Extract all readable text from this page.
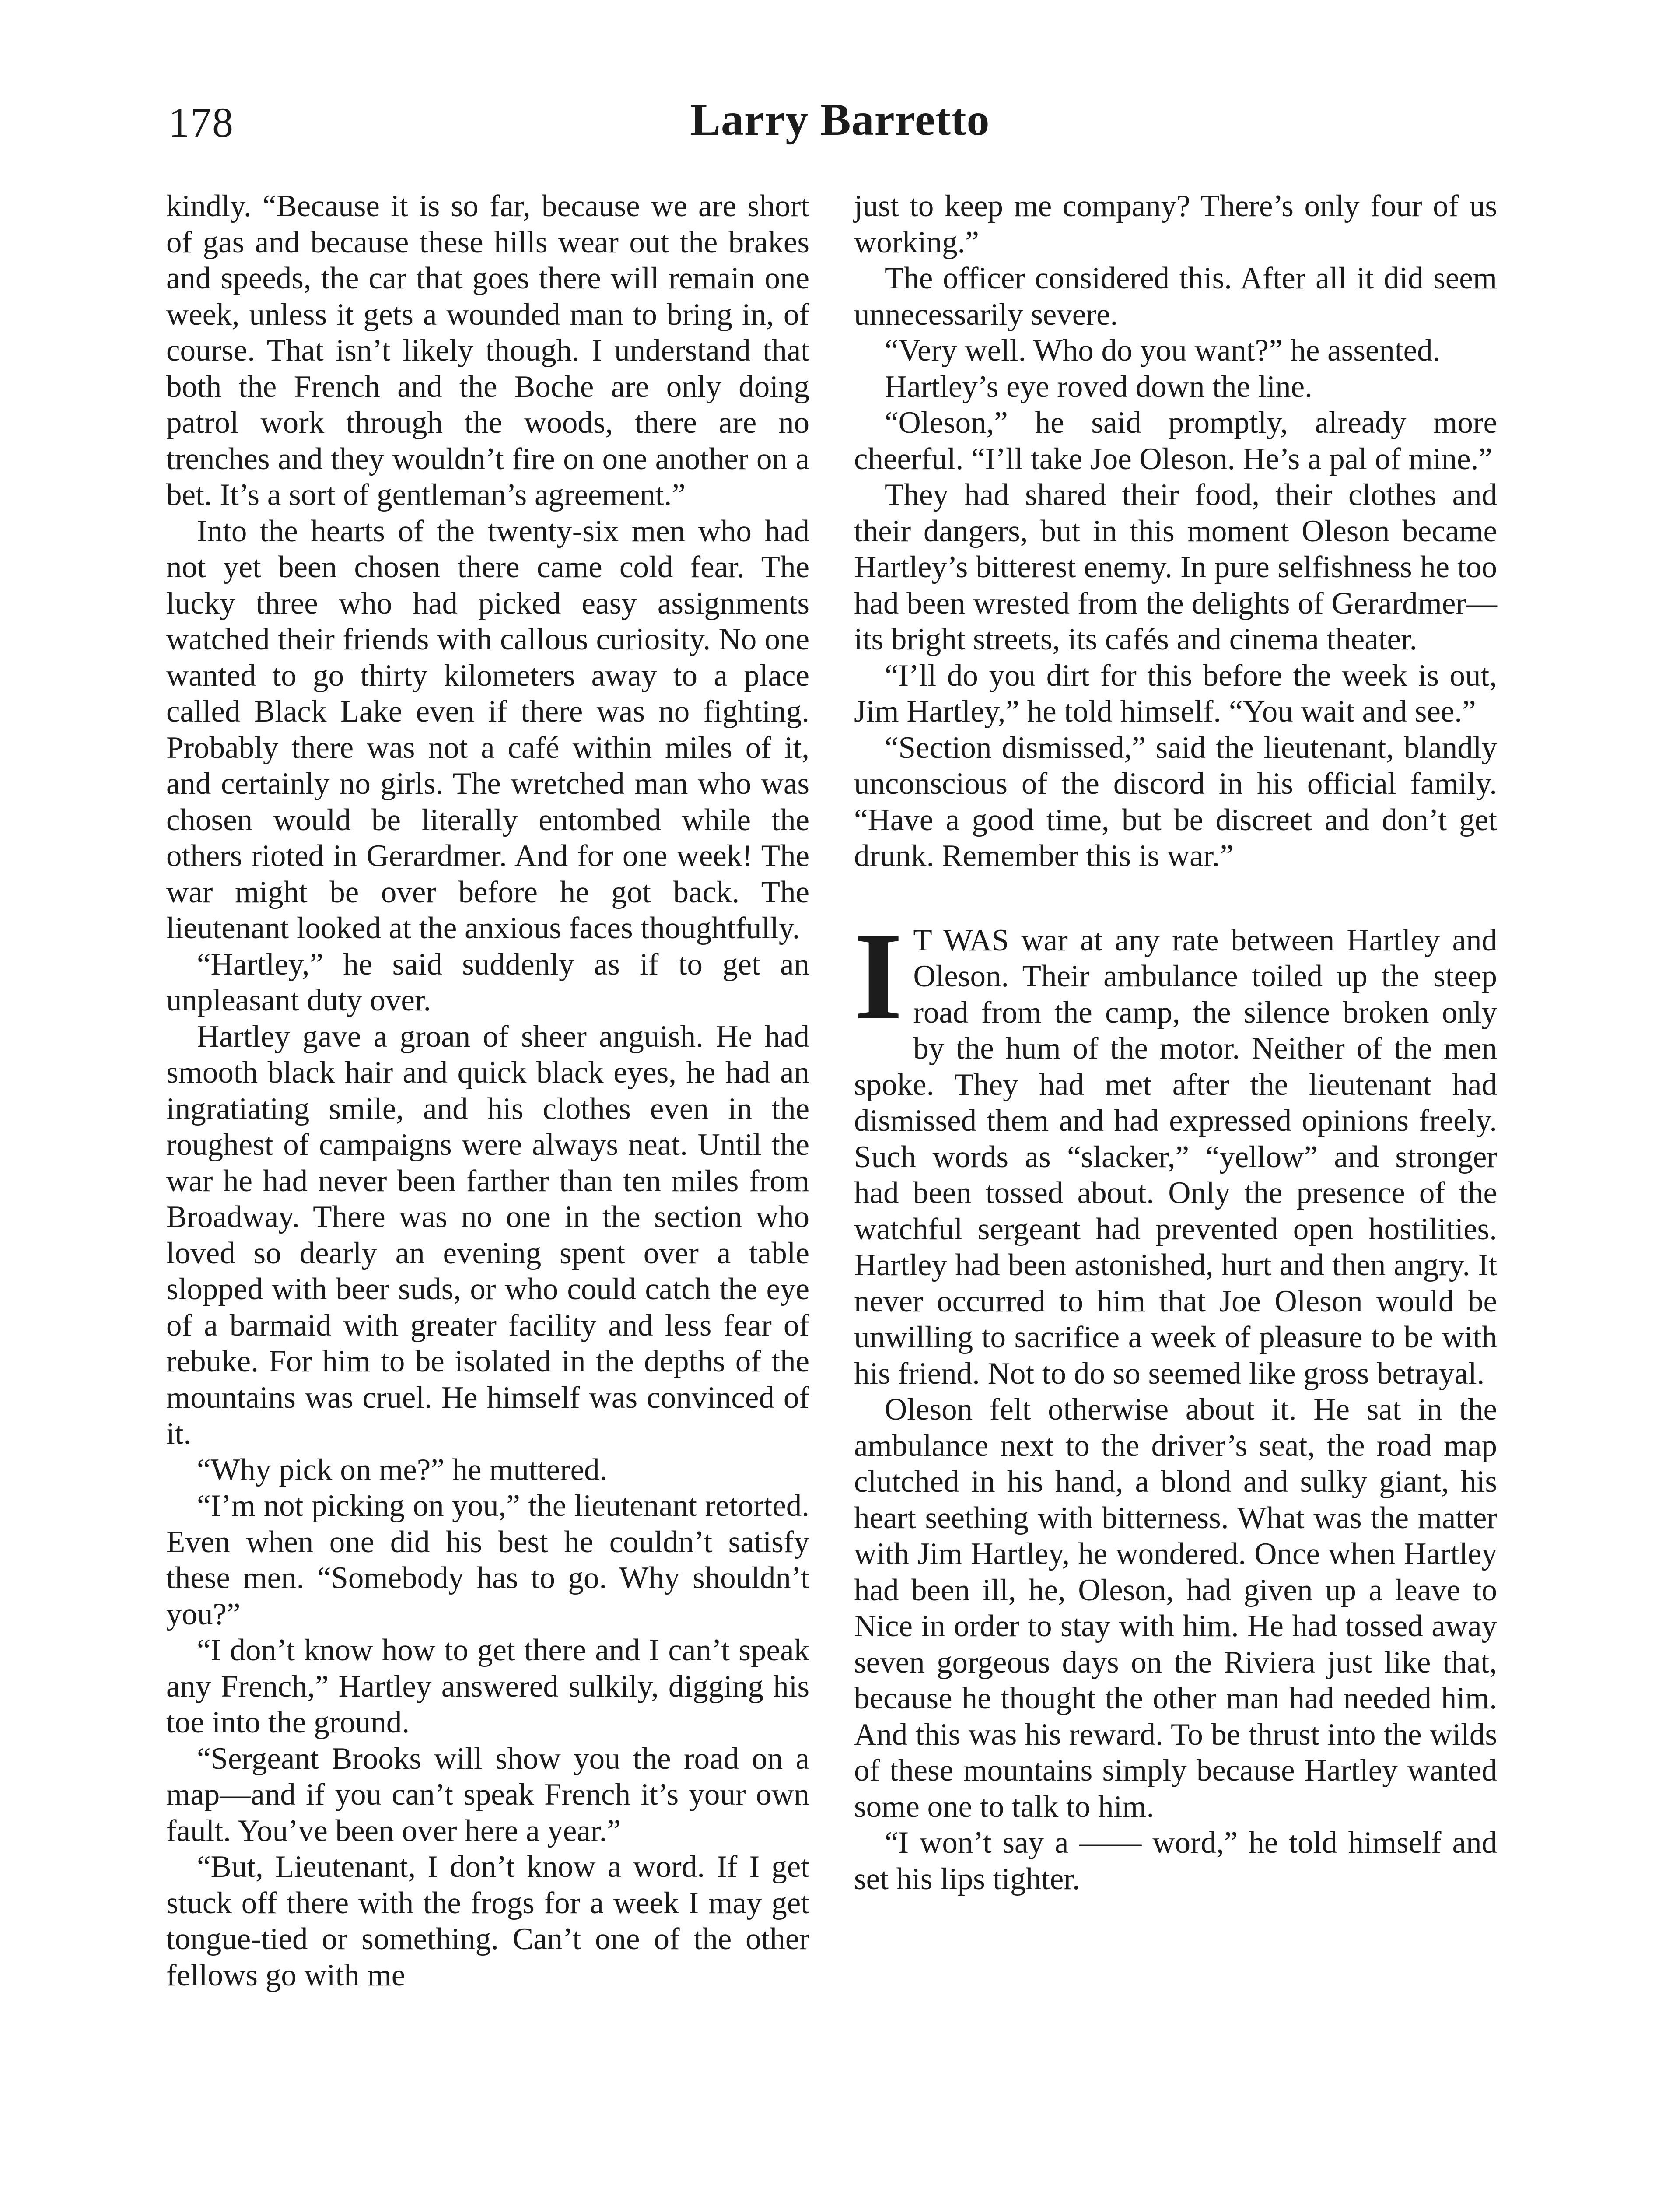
178	Larry Barretto

kindly. “Because it is so far, because we are short of gas and because these hills wear out the brakes and speeds, the car that goes there will remain one week, unless it gets a wounded man to bring in, of course. That isn’t likely though. I understand that both the French and the Boche are only doing patrol work through the woods, there are no trenches and they wouldn’t fire on one another on a bet. It’s a sort of gentleman’s agreement.”

Into the hearts of the twenty-six men who had not yet been chosen there came cold fear. The lucky three who had picked easy assignments watched their friends with callous curiosity. No one wanted to go thirty kilometers away to a place called Black Lake even if there was no fighting. Probably there was not a café within miles of it, and certainly no girls. The wretched man who was chosen would be literally entombed while the others rioted in Gerardmer. And for one week! The war might be over before he got back. The lieutenant looked at the anxious faces thoughtfully.

“Hartley,” he said suddenly as if to get an unpleasant duty over.

Hartley gave a groan of sheer anguish. He had smooth black hair and quick black eyes, he had an ingratiating smile, and his clothes even in the roughest of campaigns were always neat. Until the war he had never been farther than ten miles from Broadway. There was no one in the section who loved so dearly an evening spent over a table slopped with beer suds, or who could catch the eye of a barmaid with greater facility and less fear of rebuke. For him to be isolated in the depths of the mountains was cruel. He himself was convinced of it.

“Why pick on me?” he muttered.

“I’m not picking on you,” the lieutenant retorted. Even when one did his best he couldn’t satisfy these men. “Somebody has to go. Why shouldn’t you?”

“I don’t know how to get there and I can’t speak any French,” Hartley answered sulkily, digging his toe into the ground.

“Sergeant Brooks will show you the road on a map—and if you can’t speak French it’s your own fault. You’ve been over here a year.”

“But, Lieutenant, I don’t know a word. If I get stuck off there with the frogs for a week I may get tongue-tied or something. Can’t one of the other fellows go with me

just to keep me company? There’s only four of us working.”

The officer considered this. After all it did seem unnecessarily severe.

“Very well. Who do you want?” he assented.

Hartley’s eye roved down the line.

“Oleson,” he said promptly, already more cheerful. “I’ll take Joe Oleson. He’s a pal of mine.”

They had shared their food, their clothes and their dangers, but in this moment Oleson became Hartley’s bitterest enemy. In pure selfishness he too had been wrested from the delights of Gerardmer—its bright streets, its cafés and cinema theater.

“I’ll do you dirt for this before the week is out, Jim Hartley,” he told himself. “You wait and see.”

“Section dismissed,” said the lieutenant, blandly unconscious of the discord in his official family. “Have a good time, but be discreet and don’t get drunk. Remember this is war.”

I T WAS war at any rate between Hartley and Oleson. Their ambulance toiled up the steep road from the camp, the silence broken only by the hum of the motor. Neither of the men spoke. They had met after the lieutenant had dismissed them and had expressed opinions freely. Such words as “slacker,” “yellow” and stronger had been tossed about. Only the presence of the watchful sergeant had prevented open hostilities. Hartley had been astonished, hurt and then angry. It never occurred to him that Joe Oleson would be unwilling to sacrifice a week of pleasure to be with his friend. Not to do so seemed like gross betrayal.

Oleson felt otherwise about it. He sat in the ambulance next to the driver’s seat, the road map clutched in his hand, a blond and sulky giant, his heart seething with bitterness. What was the matter with Jim Hartley, he wondered. Once when Hartley had been ill, he, Oleson, had given up a leave to Nice in order to stay with him. He had tossed away seven gorgeous days on the Riviera just like that, because he thought the other man had needed him. And this was his reward. To be thrust into the wilds of these mountains simply because Hartley wanted some one to talk to him.

“I won’t say a —— word,” he told himself and set his lips tighter.
